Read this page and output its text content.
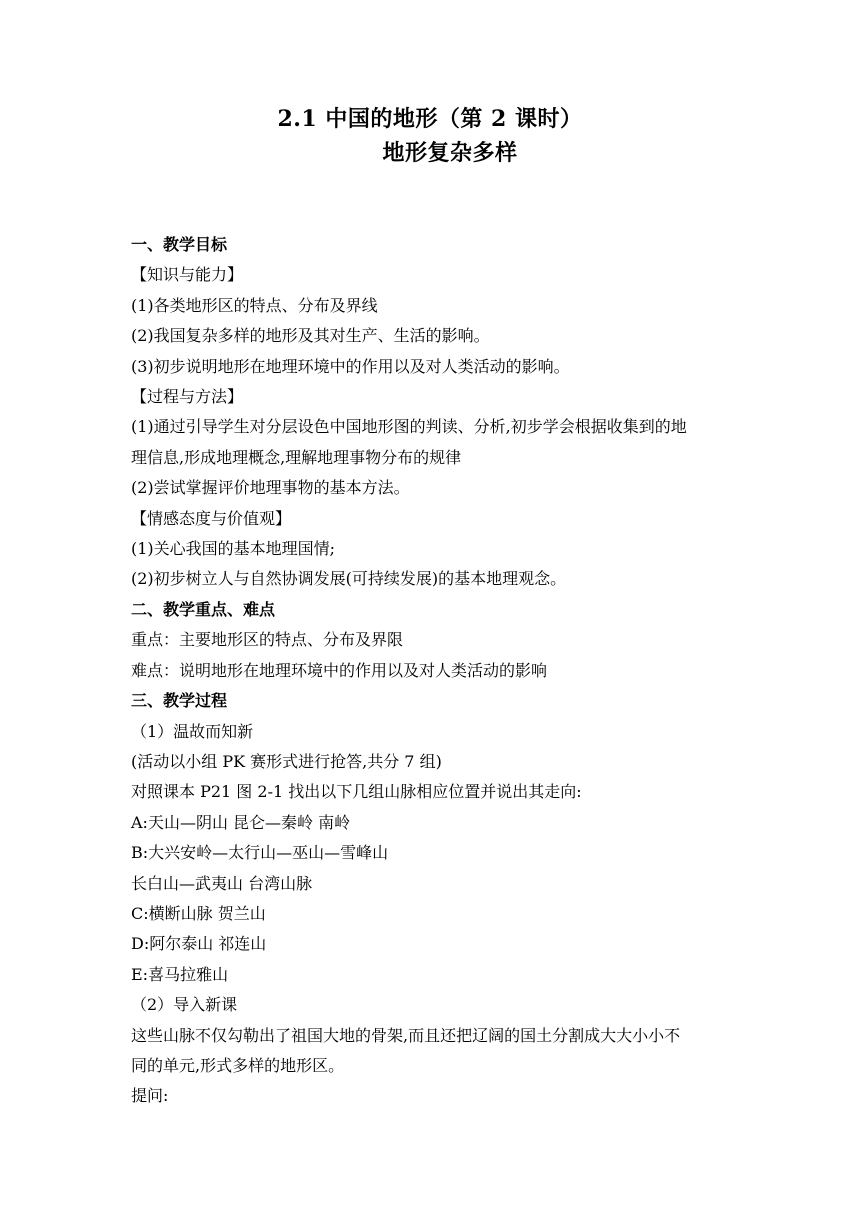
2.1 中国的地形（第 2 课时）
地形复杂多样
一、教学目标
【知识与能力】
(1)各类地形区的特点、分布及界线
(2)我国复杂多样的地形及其对生产、生活的影响。
(3)初步说明地形在地理环境中的作用以及对人类活动的影响。
【过程与方法】
(1)通过引导学生对分层设色中国地形图的判读、分析,初步学会根据收集到的地
理信息,形成地理概念,理解地理事物分布的规律
(2)尝试掌握评价地理事物的基本方法。
【情感态度与价值观】
(1)关心我国的基本地理国情;
(2)初步树立人与自然协调发展(可持续发展)的基本地理观念。
二、教学重点、难点
重点：主要地形区的特点、分布及界限
难点：说明地形在地理环境中的作用以及对人类活动的影响
三、教学过程
（1）温故而知新
(活动以小组 PK 赛形式进行抢答,共分 7 组)
对照课本 P21 图 2-1 找出以下几组山脉相应位置并说出其走向:
A:天山—阴山 昆仑—秦岭 南岭
B:大兴安岭—太行山—巫山—雪峰山
长白山—武夷山 台湾山脉
C:横断山脉 贺兰山
D:阿尔泰山 祁连山
E:喜马拉雅山
（2）导入新课
这些山脉不仅勾勒出了祖国大地的骨架,而且还把辽阔的国土分割成大大小小不
同的单元,形式多样的地形区。
提问:
